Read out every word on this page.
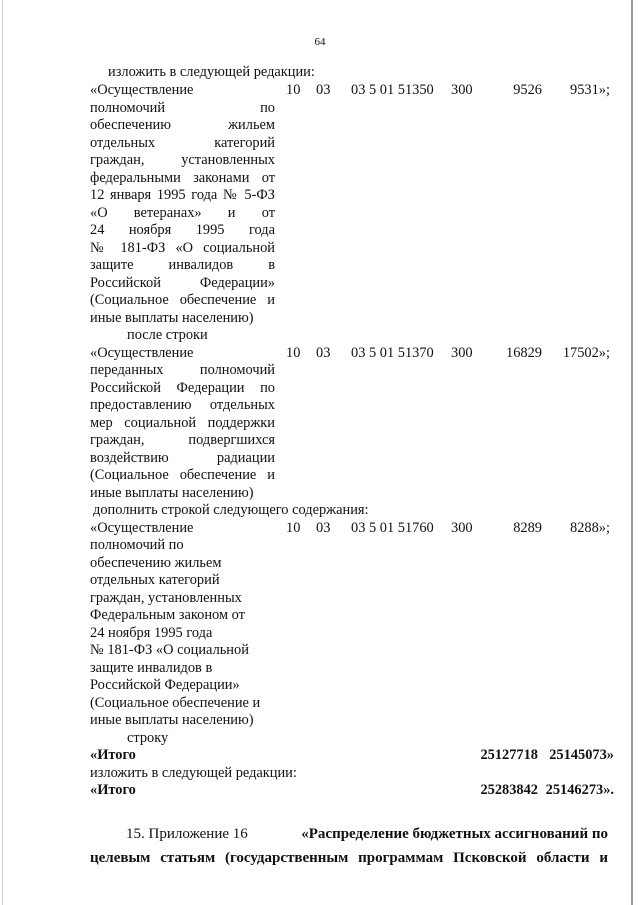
64
изложить в следующей редакции:
«Осуществление
полномочий по
обеспечению жильем
отдельных категорий
граждан, установленных
федеральными законами от
12 января 1995 года № 5-ФЗ
«О ветеранах» и от
24 ноября 1995 года
№ 181-ФЗ «О социальной
защите инвалидов в
Российской Федерации»
(Социальное обеспечение и
иные выплаты населению)
10 03 03 5 01 51350 300	9526	9531»;
после строки
«Осуществление
переданных полномочий
Российской Федерации по
предоставлению отдельных
мер социальной поддержки
граждан, подвергшихся
воздействию радиации
(Социальное обеспечение и
иные выплаты населению)
10 03 03 5 01 51370 300	16829	17502»;
дополнить строкой следующего содержания:
«Осуществление
полномочий по
обеспечению жильем
отдельных категорий
граждан, установленных
Федеральным законом от
24 ноября 1995 года
№ 181-ФЗ «О социальной
защите инвалидов в
Российской Федерации»
(Социальное обеспечение и
иные выплаты населению)
10 03 03 5 01 51760 300	8289	8288»;
строку
«Итого	25127718 25145073»
изложить в следующей редакции:
«Итого	25283842 25146273».
15. Приложение 16	«Распределение бюджетных ассигнований по
целевым статьям (государственным программам Псковской области и
